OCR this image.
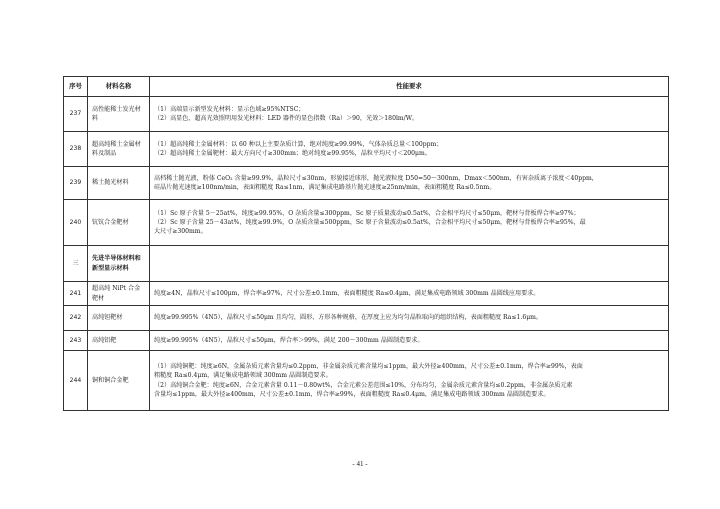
序号	材料名称	性能要求
237	高性能稀土发光材料	（1）高端显示新型发光材料：显示色域≥95%NTSC；
（2）高显色、超高光效照明用发光材料：LED 器件的显色指数（Ra）＞90，光效＞180lm/W。

238	超高纯稀土金属材料及制品	（1）超高纯稀土金属材料：以 60 种以上主要杂质计算，绝对纯度≥99.99%，气体杂质总量＜100ppm；
（2）超高纯稀土金属靶材：最大方向尺寸≥300mm；绝对纯度≥99.95%，晶粒平均尺寸＜200μm。

239	稀土抛光材料	高档稀土抛光液，粉体 CeO₂ 含量≥99.9%，晶粒尺寸≤30nm，形貌接近球形，抛光液粒度 D50=50～300nm，Dmax＜500nm，有害杂质离子浓度＜40ppm，
硅晶片抛光速度≥100nm/min，表面粗糙度 Ra≤1nm，满足集成电路基片抛光速度≥25nm/min，表面粗糙度 Ra≤0.5nm。

240	钪钪合金靶材	（1）Sc 原子含量 5－25at%，纯度≥99.95%，O 杂质含量≤300ppm，Sc 原子质量波动≤0.5at%，合金相平均尺寸≤50μm，靶材与背板焊合率≥97%；
（2）Sc 原子含量 25－43at%，纯度≥99.9%，O 杂质含量≤500ppm，Sc 原子含量波动≤0.5at%，合金相平均尺寸≤50μm，靶材与背板焊合率≥95%，最
大尺寸≥300mm。

三	先进半导体材料和新型显示材料	
241	超高纯 NiPt 合金靶材	纯度≥4N，晶粒尺寸≤100μm，焊合率≥97%，尺寸公差±0.1mm，表面粗糙度 Ra≤0.4μm，满足集成电路领域 300mm 晶圆线应用要求。

242	高纯钽靶材	纯度≥99.995%（4N5），晶粒尺寸≤50μm 且均匀，圆形、方形各种规格，在厚度上应为均匀晶粒取向的组织结构，表面粗糙度 Ra≤1.6μm。

243	高纯铝靶	纯度≥99.995%（4N5），晶粒尺寸≤50μm，焊合率＞99%，满足 200～300mm 晶圆制造要求。

244	铜和铜合金靶	（1）高纯铜靶：纯度≥6N，金属杂质元素含量均≤0.2ppm，非金属杂质元素含量均≤1ppm，最大外径≥400mm，尺寸公差±0.1mm，焊合率≥99%，表面
粗糙度 Ra≤0.4μm，满足集成电路领域 300mm 晶圆制造要求。
（2）高纯铜合金靶：纯度≥6N，合金元素含量 0.11－0.80wt%，合金元素公差范围≤10%，分布均匀，金属杂质元素含量均≤0.2ppm，非金属杂质元素
含量均≤1ppm，最大外径≥400mm，尺寸公差±0.1mm，焊合率≥99%，表面粗糙度 Ra≤0.4μm，满足集成电路领域 300mm 晶圆制造要求。
- 41 -
